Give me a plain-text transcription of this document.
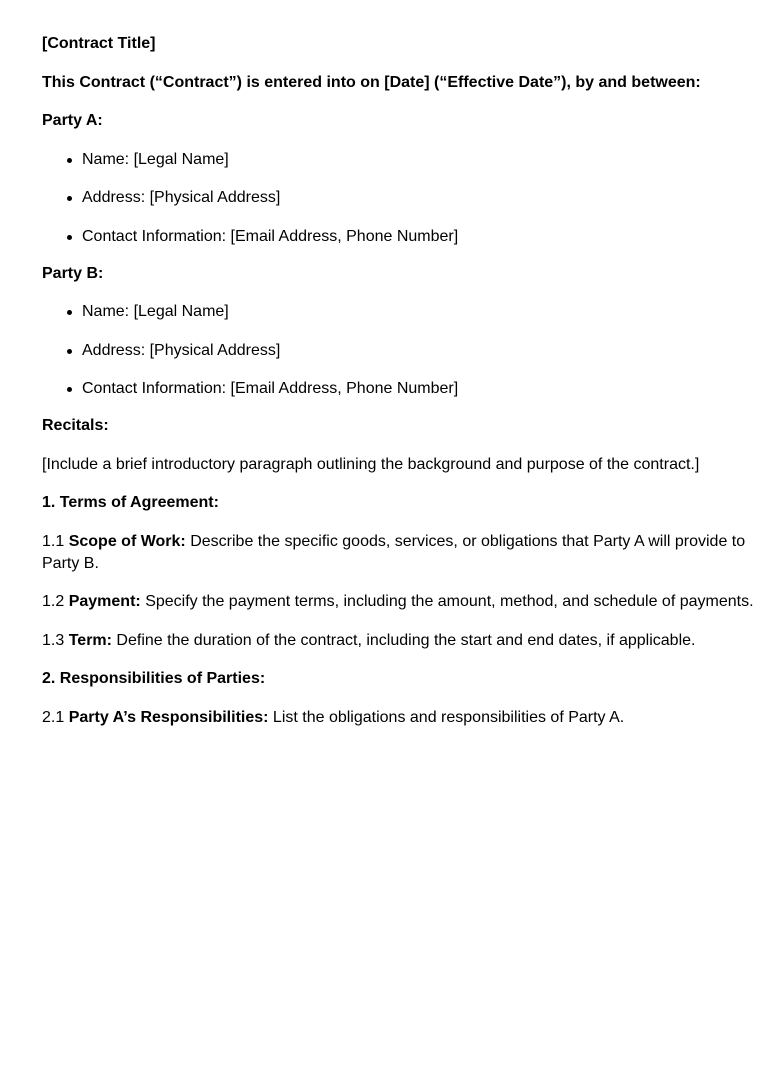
[Contract Title]

This Contract (“Contract”) is entered into on [Date] (“Effective Date”), by and between:

Party A:

Name: [Legal Name]
Address: [Physical Address]
Contact Information: [Email Address, Phone Number]

Party B:

Name: [Legal Name]
Address: [Physical Address]
Contact Information: [Email Address, Phone Number]

Recitals:

[Include a brief introductory paragraph outlining the background and purpose of the contract.]

1. Terms of Agreement:

1.1 Scope of Work: Describe the specific goods, services, or obligations that Party A will provide to Party B.

1.2 Payment: Specify the payment terms, including the amount, method, and schedule of payments.

1.3 Term: Define the duration of the contract, including the start and end dates, if applicable.

2. Responsibilities of Parties:

2.1 Party A’s Responsibilities: List the obligations and responsibilities of Party A.
